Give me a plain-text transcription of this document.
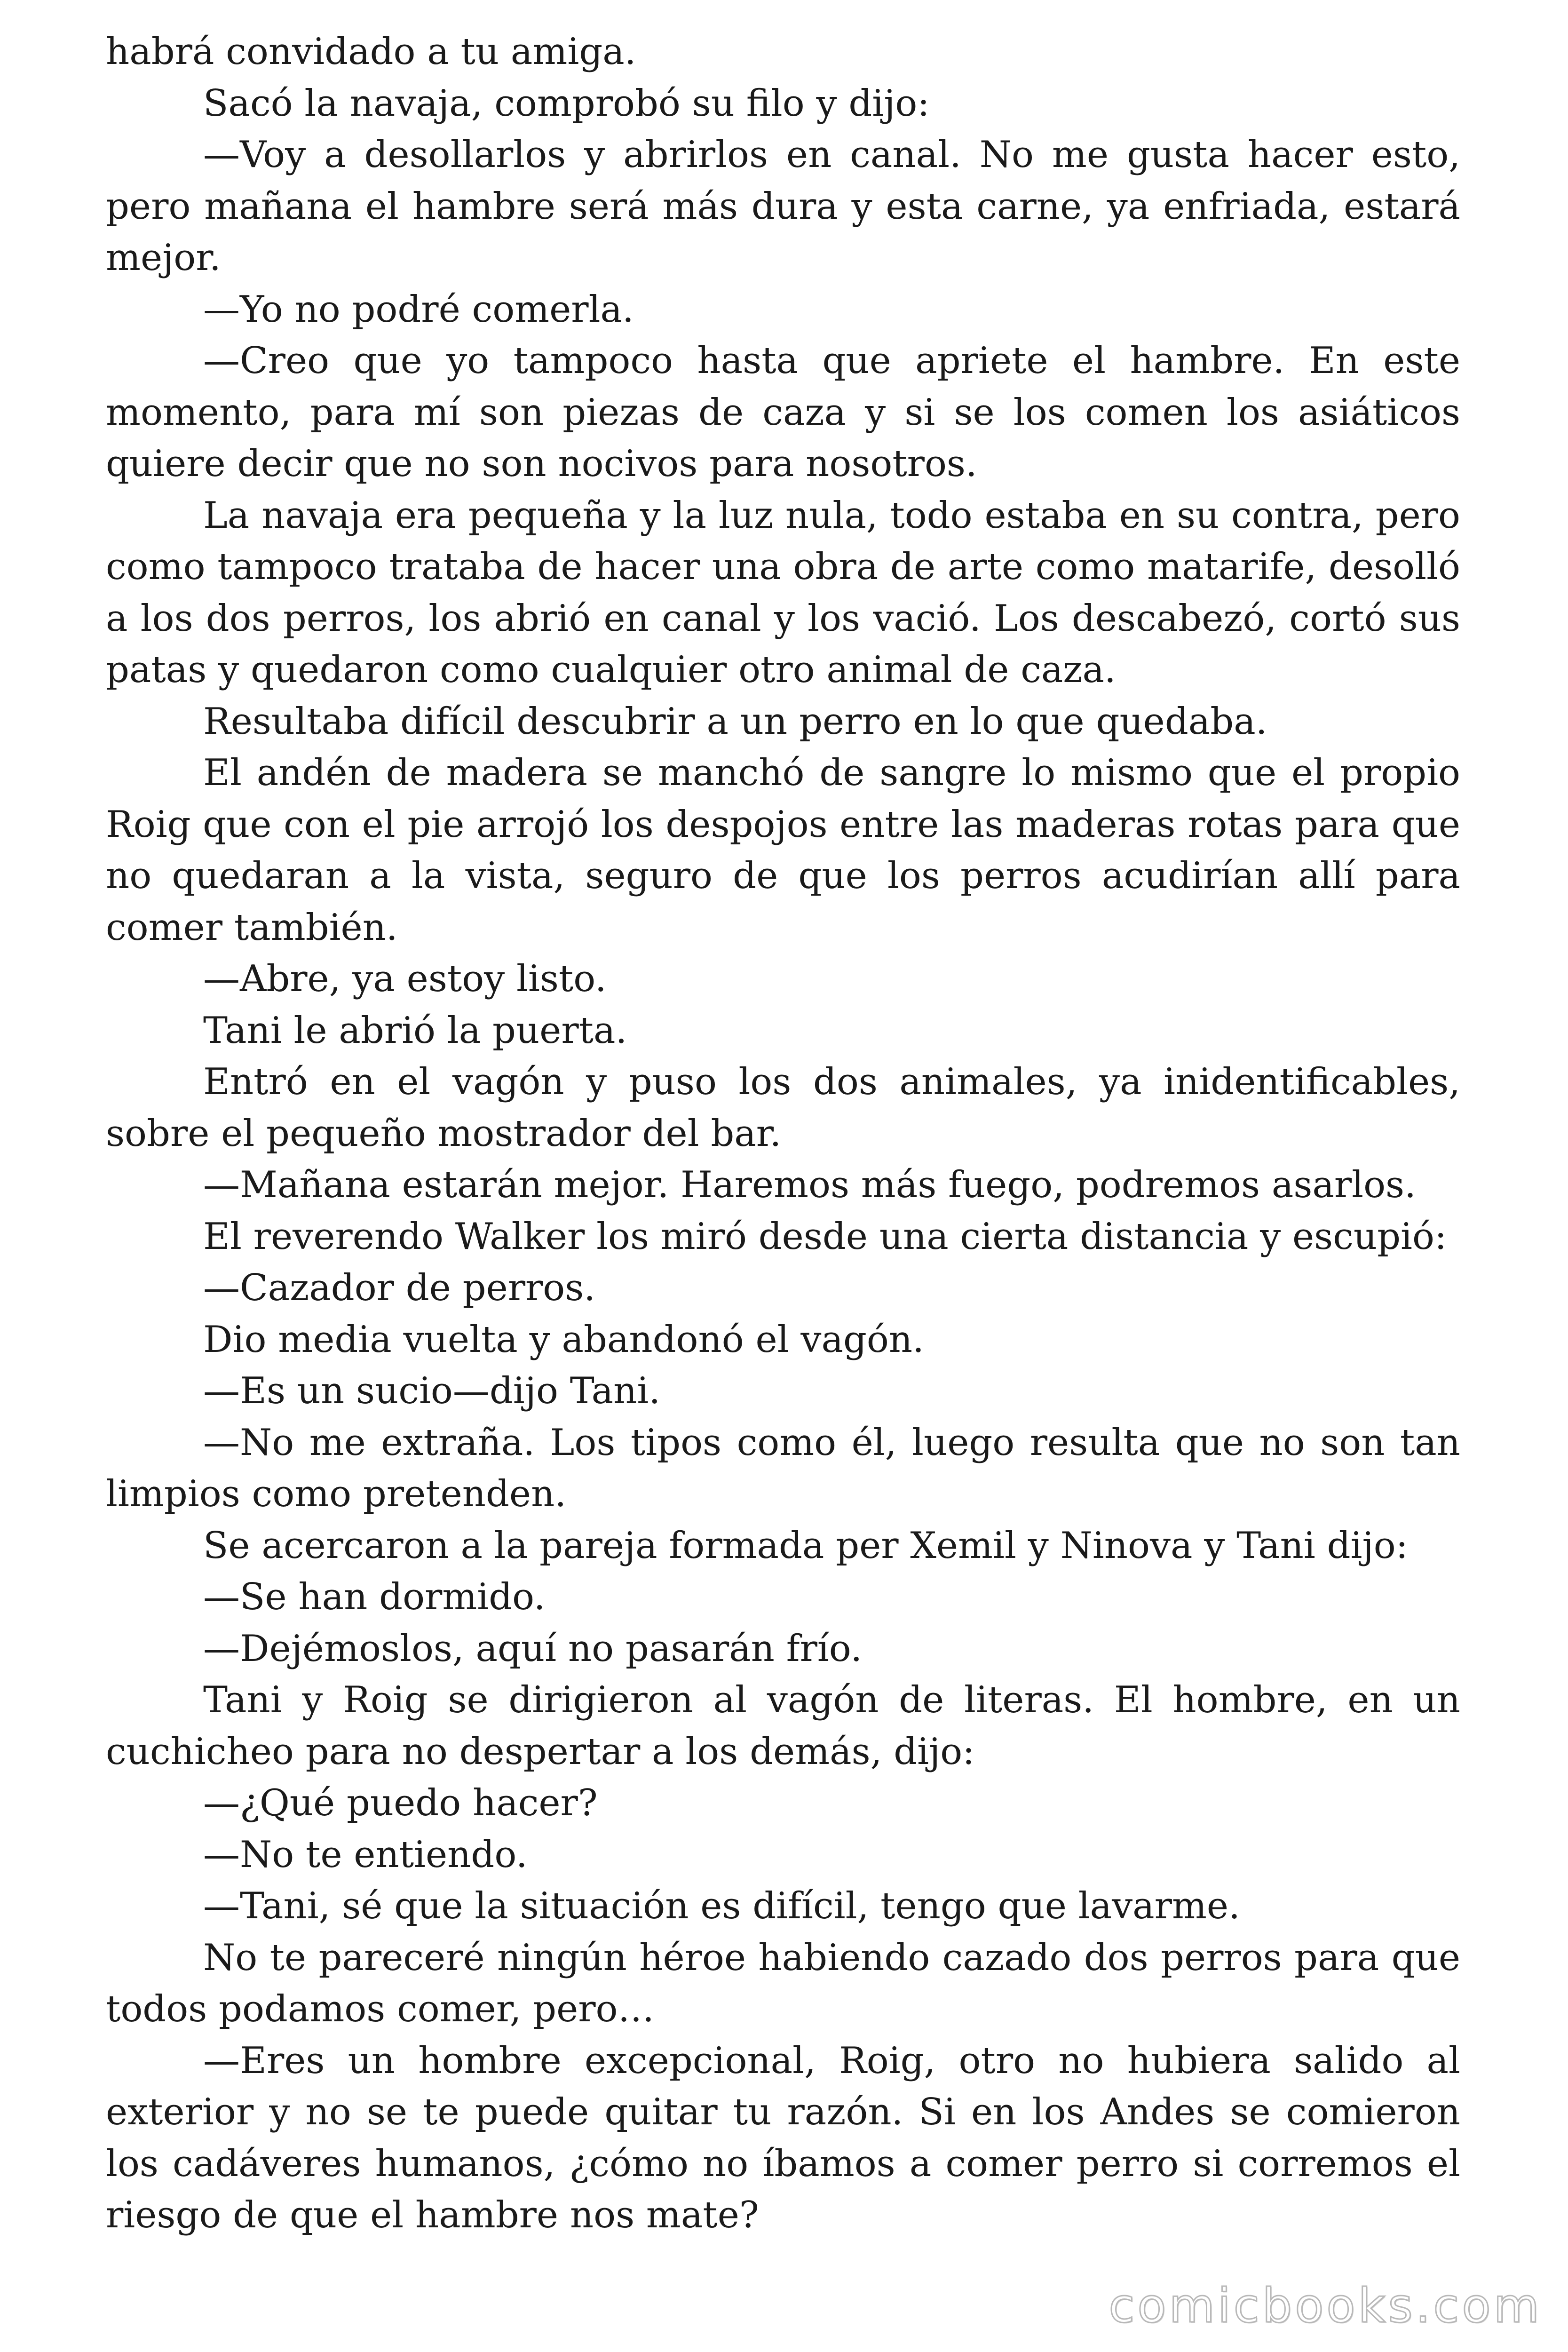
habrá convidado a tu amiga.

Sacó la navaja, comprobó su filo y dijo:

—Voy a desollarlos y abrirlos en canal. No me gusta hacer esto, pero mañana el hambre será más dura y esta carne, ya enfriada, estará mejor.

—Yo no podré comerla.

—Creo que yo tampoco hasta que apriete el hambre. En este momento, para mí son piezas de caza y si se los comen los asiáticos quiere decir que no son nocivos para nosotros.

La navaja era pequeña y la luz nula, todo estaba en su contra, pero como tampoco trataba de hacer una obra de arte como matarife, desolló a los dos perros, los abrió en canal y los vació. Los descabezó, cortó sus patas y quedaron como cualquier otro animal de caza.

Resultaba difícil descubrir a un perro en lo que quedaba.

El andén de madera se manchó de sangre lo mismo que el propio Roig que con el pie arrojó los despojos entre las maderas rotas para que no quedaran a la vista, seguro de que los perros acudirían allí para comer también.

—Abre, ya estoy listo.

Tani le abrió la puerta.

Entró en el vagón y puso los dos animales, ya inidentificables, sobre el pequeño mostrador del bar.

—Mañana estarán mejor. Haremos más fuego, podremos asarlos.

El reverendo Walker los miró desde una cierta distancia y escupió:

—Cazador de perros.

Dio media vuelta y abandonó el vagón.

—Es un sucio—dijo Tani.

—No me extraña. Los tipos como él, luego resulta que no son tan limpios como pretenden.

Se acercaron a la pareja formada per Xemil y Ninova y Tani dijo:

—Se han dormido.

—Dejémoslos, aquí no pasarán frío.

Tani y Roig se dirigieron al vagón de literas. El hombre, en un cuchicheo para no despertar a los demás, dijo:

—¿Qué puedo hacer?

—No te entiendo.

—Tani, sé que la situación es difícil, tengo que lavarme.

No te pareceré ningún héroe habiendo cazado dos perros para que todos podamos comer, pero…

—Eres un hombre excepcional, Roig, otro no hubiera salido al exterior y no se te puede quitar tu razón. Si en los Andes se comieron los cadáveres humanos, ¿cómo no íbamos a comer perro si corremos el riesgo de que el hambre nos mate?

comicbooks.com
